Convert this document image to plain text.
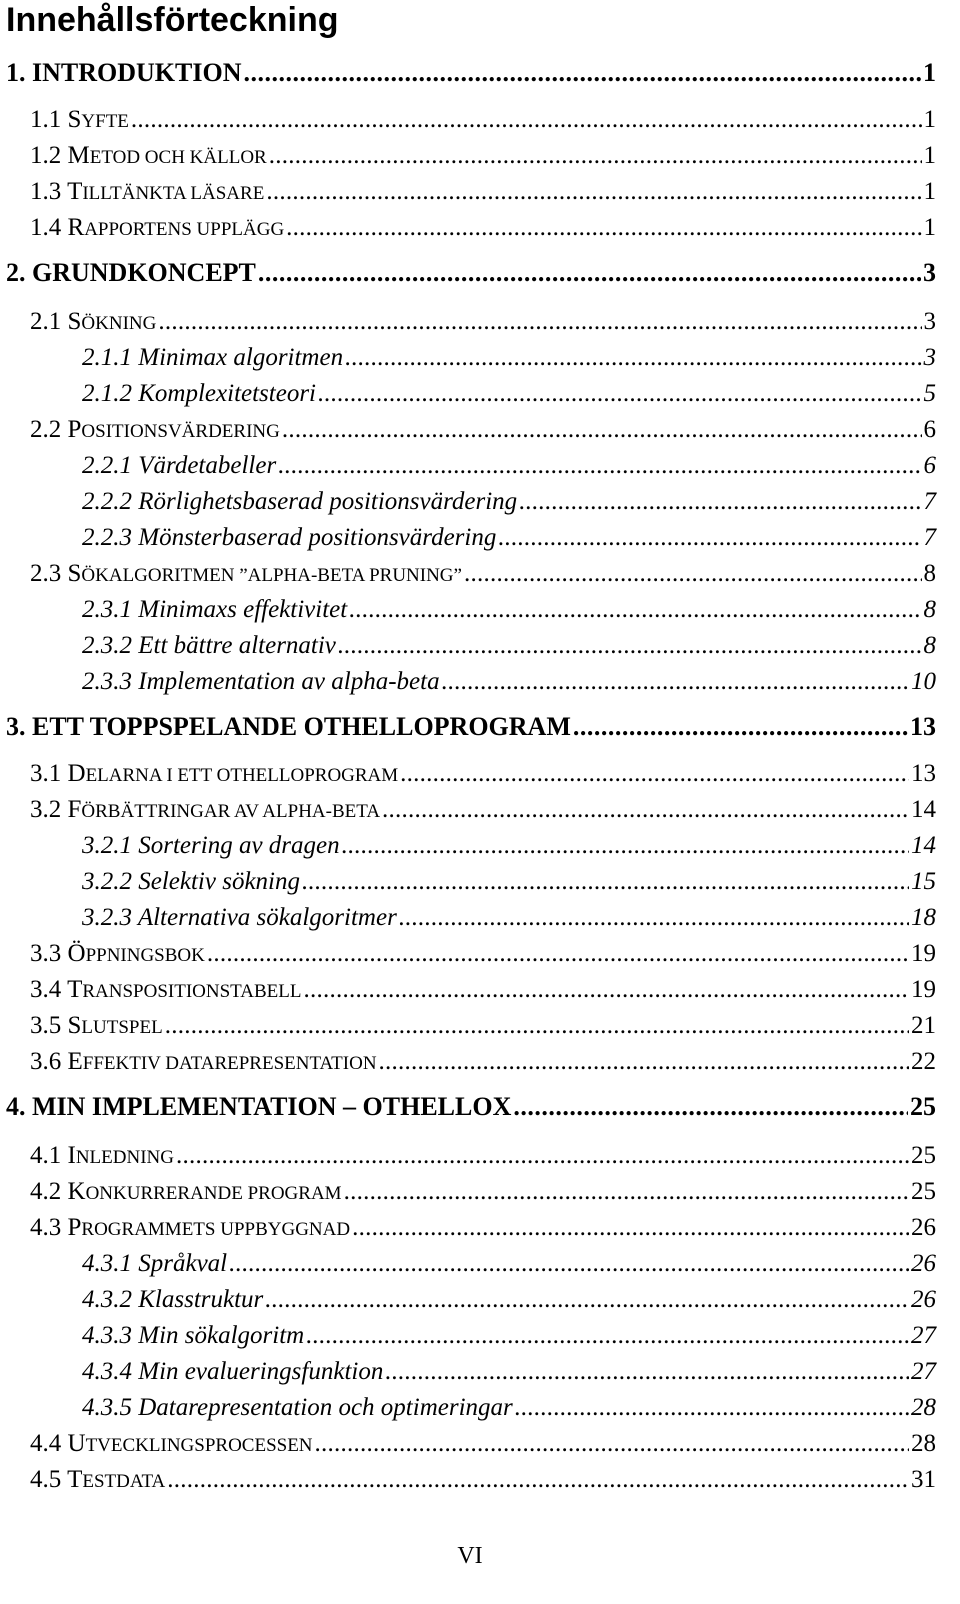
Innehållsförteckning
1. INTRODUKTION . . .	1
1.1 SYFTE . . .	1
1.2 METOD OCH KÄLLOR . . .	1
1.3 TILLTÄNKTA LÄSARE . . .	1
1.4 RAPPORTENS UPPLÄGG . . .	1
2. GRUNDKONCEPT . . .	3
2.1 SÖKNING . . .	3
2.1.1 Minimax algoritmen . . .	3
2.1.2 Komplexitetsteori . . .	5
2.2 POSITIONSVÄRDERING . . .	6
2.2.1 Värdetabeller . . .	6
2.2.2 Rörlighetsbaserad positionsvärdering . . .	7
2.2.3 Mönsterbaserad positionsvärdering . . .	7
2.3 SÖKALGORITMEN ”ALPHA-BETA PRUNING” . . .	8
2.3.1 Minimaxs effektivitet . . .	8
2.3.2 Ett bättre alternativ . . .	8
2.3.3 Implementation av alpha-beta . . .	10
3. ETT TOPPSPELANDE OTHELLOPROGRAM . . .	13
3.1 DELARNA I ETT OTHELLOPROGRAM . . .	13
3.2 FÖRBÄTTRINGAR AV ALPHA-BETA . . .	14
3.2.1 Sortering av dragen . . .	14
3.2.2 Selektiv sökning . . .	15
3.2.3 Alternativa sökalgoritmer . . .	18
3.3 ÖPPNINGSBOK . . .	19
3.4 TRANSPOSITIONSTABELL . . .	19
3.5 SLUTSPEL . . .	21
3.6 EFFEKTIV DATAREPRESENTATION . . .	22
4. MIN IMPLEMENTATION – OTHELLOX . . .	25
4.1 INLEDNING . . .	25
4.2 KONKURRERANDE PROGRAM . . .	25
4.3 PROGRAMMETS UPPBYGGNAD . . .	26
4.3.1 Språkval . . .	26
4.3.2 Klasstruktur . . .	26
4.3.3 Min sökalgoritm . . .	27
4.3.4 Min evalueringsfunktion . . .	27
4.3.5 Datarepresentation och optimeringar . . .	28
4.4 UTVECKLINGSPROCESSEN . . .	28
4.5 TESTDATA . . .	31
VI
